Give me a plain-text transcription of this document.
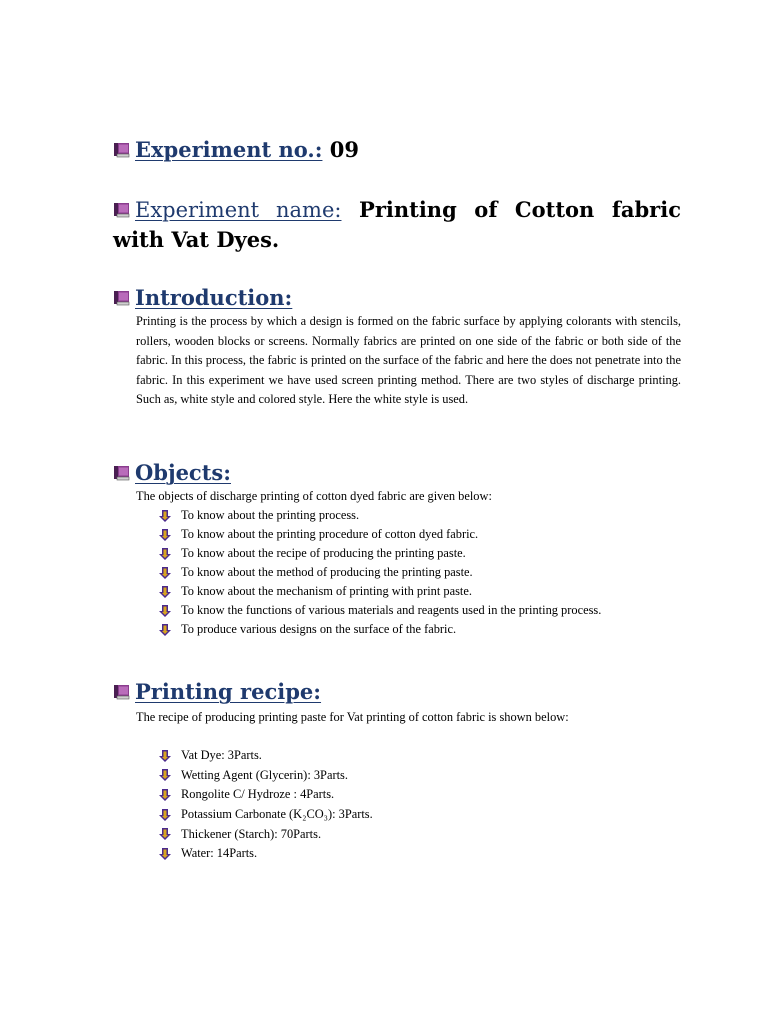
Experiment no.: 09
Experiment name: Printing of Cotton fabric with Vat Dyes.
Introduction:

Printing is the process by which a design is formed on the fabric surface by applying colorants with stencils, rollers, wooden blocks or screens. Normally fabrics are printed on one side of the fabric or both side of the fabric. In this process, the fabric is printed on the surface of the fabric and here the does not penetrate into the fabric. In this experiment we have used screen printing method. There are two styles of discharge printing. Such as, white style and colored style. Here the white style is used.

Objects:
The objects of discharge printing of cotton dyed fabric are given below:
To know about the printing process.
To know about the printing procedure of cotton dyed fabric.
To know about the recipe of producing the printing paste.
To know about the method of producing the printing paste.
To know about the mechanism of printing with print paste.
To know the functions of various materials and reagents used in the printing process.
To produce various designs on the surface of the fabric.
Printing recipe:
The recipe of producing printing paste for Vat printing of cotton fabric is shown below:
Vat Dye: 3Parts.
Wetting Agent (Glycerin): 3Parts.
Rongolite C/ Hydroze : 4Parts.
Potassium Carbonate (K₂CO₃): 3Parts.
Thickener (Starch): 70Parts.
Water: 14Parts.
